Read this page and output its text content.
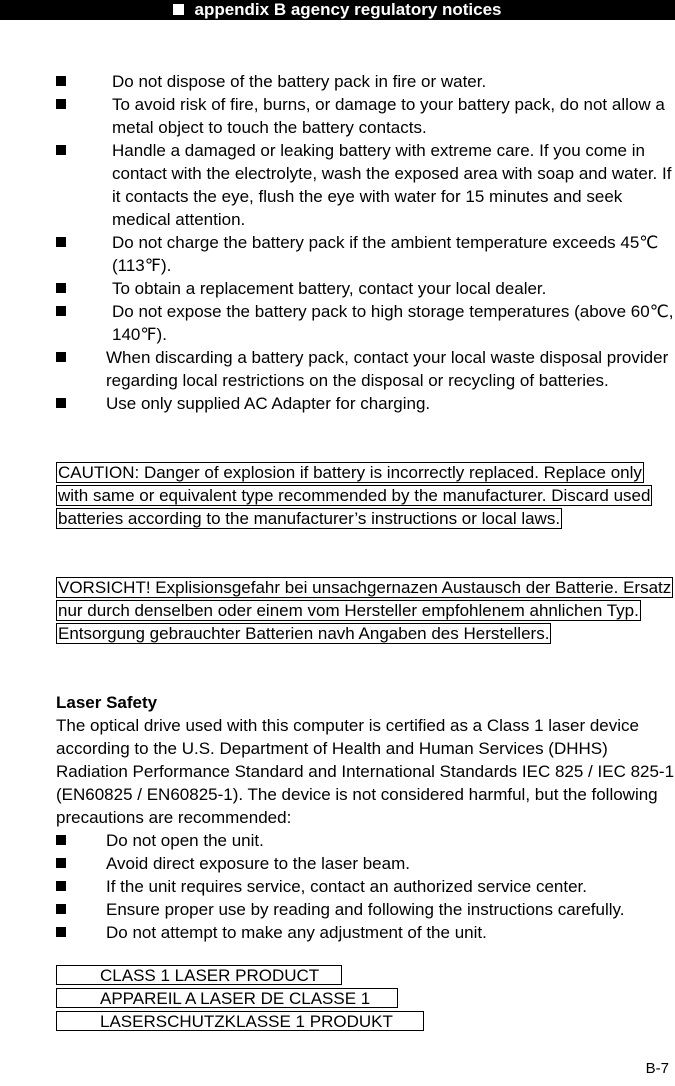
appendix B agency regulatory notices
Do not dispose of the battery pack in fire or water.
To avoid risk of fire, burns, or damage to your battery pack, do not allow a metal object to touch the battery contacts.
Handle a damaged or leaking battery with extreme care. If you come in contact with the electrolyte, wash the exposed area with soap and water. If it contacts the eye, flush the eye with water for 15 minutes and seek medical attention.
Do not charge the battery pack if the ambient temperature exceeds 45℃ (113℉).
To obtain a replacement battery, contact your local dealer.
Do not expose the battery pack to high storage temperatures (above 60℃, 140℉).
When discarding a battery pack, contact your local waste disposal provider regarding local restrictions on the disposal or recycling of batteries.
Use only supplied AC Adapter for charging.
CAUTION: Danger of explosion if battery is incorrectly replaced. Replace only with same or equivalent type recommended by the manufacturer. Discard used batteries according to the manufacturer’s instructions or local laws.
VORSICHT! Explisionsgefahr bei unsachgernazen Austausch der Batterie. Ersatz nur durch denselben oder einem vom Hersteller empfohlenem ahnlichen Typ. Entsorgung gebrauchter Batterien navh Angaben des Herstellers.
Laser Safety
The optical drive used with this computer is certified as a Class 1 laser device according to the U.S. Department of Health and Human Services (DHHS) Radiation Performance Standard and International Standards IEC 825 / IEC 825-1 (EN60825 / EN60825-1). The device is not considered harmful, but the following precautions are recommended:
Do not open the unit.
Avoid direct exposure to the laser beam.
If the unit requires service, contact an authorized service center.
Ensure proper use by reading and following the instructions carefully.
Do not attempt to make any adjustment of the unit.
CLASS 1 LASER PRODUCT
APPAREIL A LASER DE CLASSE 1
LASERSCHUTZKLASSE 1 PRODUKT
B-7
